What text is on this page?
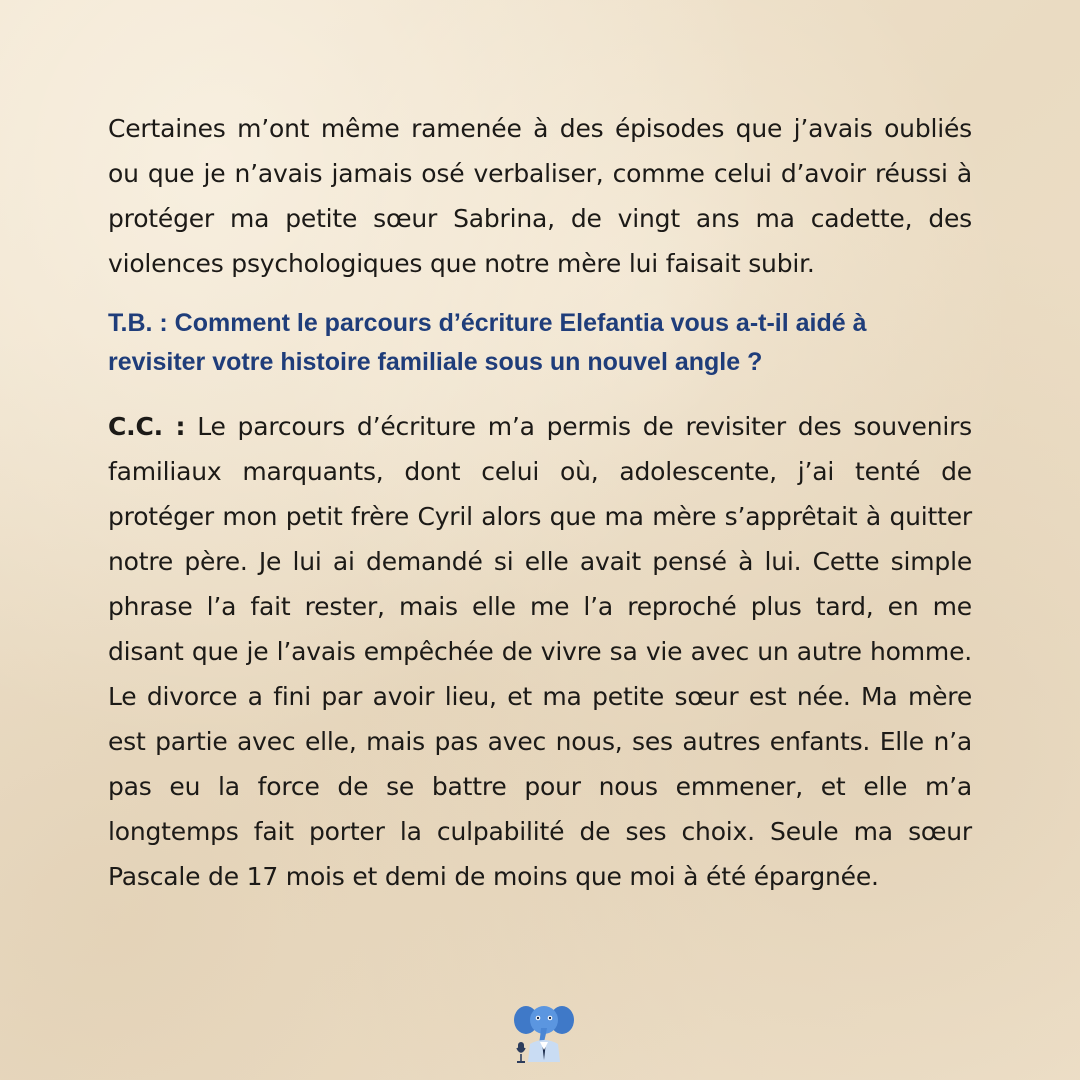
Certaines m’ont même ramenée à des épisodes que j’avais oubliés ou que je n’avais jamais osé verbaliser, comme celui d’avoir réussi à protéger ma petite sœur Sabrina, de vingt ans ma cadette, des violences psychologiques que notre mère lui faisait subir.

T.B. : Comment le parcours d’écriture Elefantia vous a-t-il aidé à revisiter votre histoire familiale sous un nouvel angle ?

C.C. : Le parcours d’écriture m’a permis de revisiter des souvenirs familiaux marquants, dont celui où, adolescente, j’ai tenté de protéger mon petit frère Cyril alors que ma mère s’apprêtait à quitter notre père. Je lui ai demandé si elle avait pensé à lui. Cette simple phrase l’a fait rester, mais elle me l’a reproché plus tard, en me disant que je l’avais empêchée de vivre sa vie avec un autre homme. Le divorce a fini par avoir lieu, et ma petite sœur est née. Ma mère est partie avec elle, mais pas avec nous, ses autres enfants. Elle n’a pas eu la force de se battre pour nous emmener, et elle m’a longtemps fait porter la culpabilité de ses choix. Seule ma sœur Pascale de 17 mois et demi de moins que moi à été épargnée.
